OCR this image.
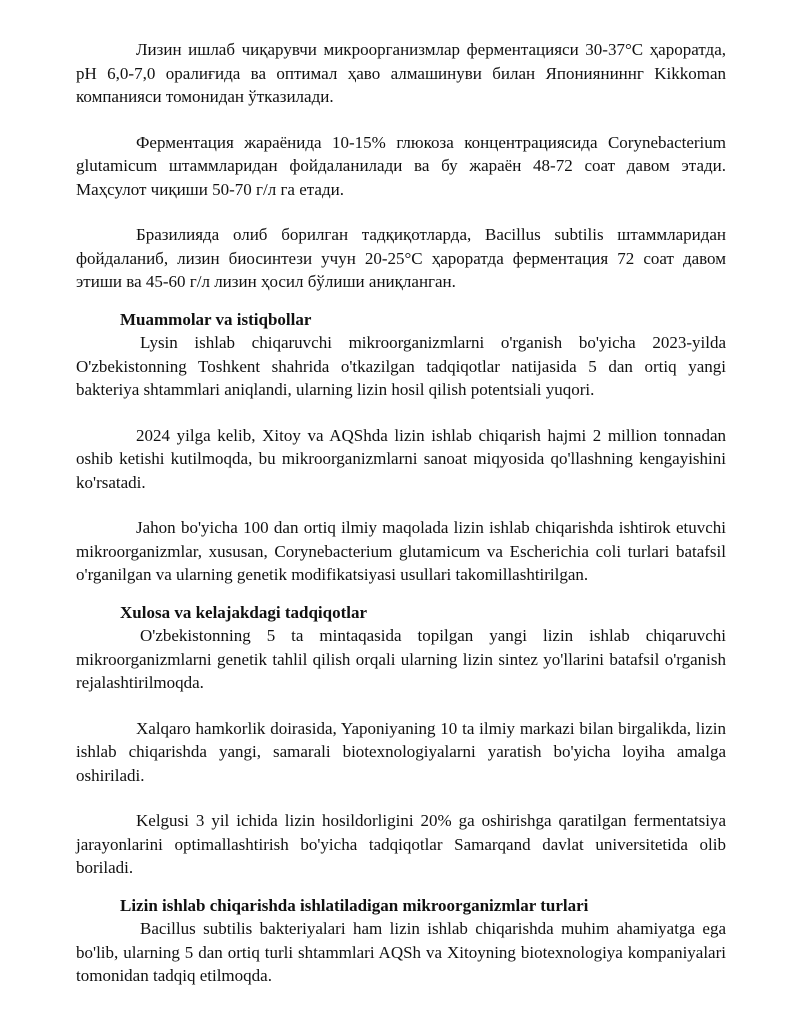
Лизин ишлаб чиқарувчи микроорганизмлар ферментацияси 30-37°С ҳароратда, pH 6,0-7,0 оралиғида ва оптимал ҳаво алмашинуви билан Японияниннг Kikkoman компанияси томонидан ўтказилади.

Ферментация жараёнида 10-15% глюкоза концентрациясида Corynebacterium glutamicum штаммларидан фойдаланилади ва бу жараён 48-72 соат давом этади. Маҳсулот чиқиши 50-70 г/л га етади.

Бразилияда олиб борилган тадқиқотларда, Bacillus subtilis штаммларидан фойдаланиб, лизин биосинтези учун 20-25°С ҳароратда ферментация 72 соат давом этиши ва 45-60 г/л лизин ҳосил бўлиши аниқланган.

Muammolar va istiqbollar

Lysin ishlab chiqaruvchi mikroorganizmlarni o'rganish bo'yicha 2023-yilda O'zbekistonning Toshkent shahrida o'tkazilgan tadqiqotlar natijasida 5 dan ortiq yangi bakteriya shtammlari aniqlandi, ularning lizin hosil qilish potentsiali yuqori.

2024 yilga kelib, Xitoy va AQShda lizin ishlab chiqarish hajmi 2 million tonnadan oshib ketishi kutilmoqda, bu mikroorganizmlarni sanoat miqyosida qo'llashning kengayishini ko'rsatadi.

Jahon bo'yicha 100 dan ortiq ilmiy maqolada lizin ishlab chiqarishda ishtirok etuvchi mikroorganizmlar, xususan, Corynebacterium glutamicum va Escherichia coli turlari batafsil o'rganilgan va ularning genetik modifikatsiyasi usullari takomillashtirilgan.

Xulosa va kelajakdagi tadqiqotlar

O'zbekistonning 5 ta mintaqasida topilgan yangi lizin ishlab chiqaruvchi mikroorganizmlarni genetik tahlil qilish orqali ularning lizin sintez yo'llarini batafsil o'rganish rejalashtirilmoqda.

Xalqaro hamkorlik doirasida, Yaponiyaning 10 ta ilmiy markazi bilan birgalikda, lizin ishlab chiqarishda yangi, samarali biotexnologiyalarni yaratish bo'yicha loyiha amalga oshiriladi.

Kelgusi 3 yil ichida lizin hosildorligini 20% ga oshirishga qaratilgan fermentatsiya jarayonlarini optimallashtirish bo'yicha tadqiqotlar Samarqand davlat universitetida olib boriladi.

Lizin ishlab chiqarishda ishlatiladigan mikroorganizmlar turlari

Bacillus subtilis bakteriyalari ham lizin ishlab chiqarishda muhim ahamiyatga ega bo'lib, ularning 5 dan ortiq turli shtammlari AQSh va Xitoyning biotexnologiya kompaniyalari tomonidan tadqiq etilmoqda.
